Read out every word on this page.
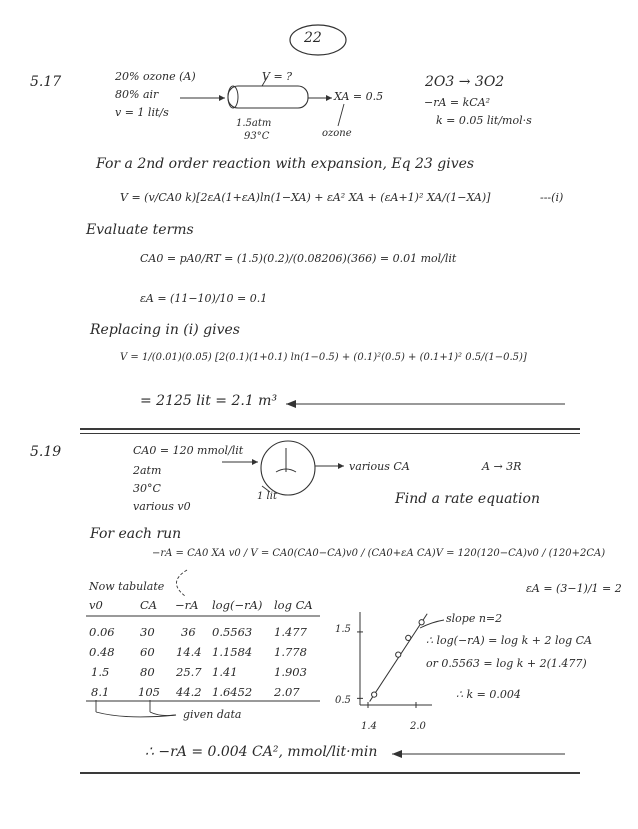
22
5.17	20% ozone (A)
80% air
v = 1 lit/s
V = ?
1.5atm
93°C
XA = 0.5
ozone
2O3 → 3O2
−rA = kCA²
k = 0.05 lit/mol·s
For a 2nd order reaction with expansion, Eq 23 gives
V = (v/CA0 k)[2εA(1+εA)ln(1−XA) + εA² XA + (εA+1)² XA/(1−XA)]	---(i)
Evaluate terms
CA0 = pA0/RT = (1.5)(0.2)/(0.08206)(366) = 0.01 mol/lit
εA = (11−10)/10 = 0.1
Replacing in (i) gives
V = 1/(0.01)(0.05) [2(0.1)(1+0.1) ln(1−0.5) + (0.1)²(0.5) + (0.1+1)² 0.5/(1−0.5)]
= 2125 lit = 2.1 m³
5.19	CA0 = 120 mmol/lit
2atm
30°C
various v0
1 lit
various CA	A → 3R
Find a rate equation
For each run
−rA = CA0 XA v0 / V = CA0(CA0−CA)v0 / (CA0+εA CA)V = 120(120−CA)v0 / (120+2CA)
εA = (3−1)/1 = 2
Now tabulate
v0	CA −rA log(−rA) log CA
0.06 30 36 0.5563 1.477
0.48 60 14.4 1.1584 1.778
1.5	80 25.7 1.41	1.903
8.1 105 44.2 1.6452 2.07
given data
1.5
0.5
1.4	2.0
slope n=2
∴ log(−rA) = log k + 2 log CA
or 0.5563 = log k + 2(1.477)
∴ k = 0.004
∴ −rA = 0.004 CA², mmol/lit·min
